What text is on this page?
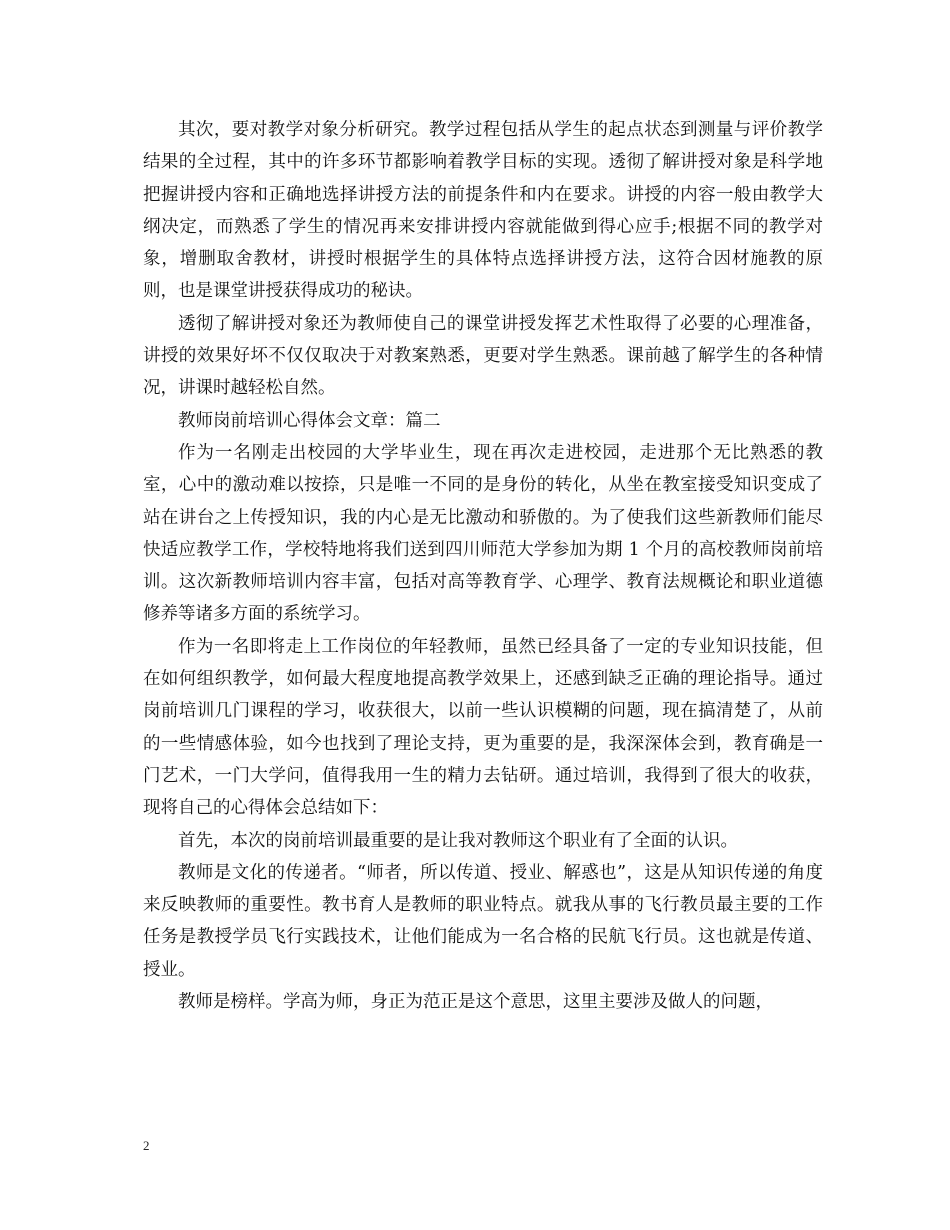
其次，要对教学对象分析研究。教学过程包括从学生的起点状态到测量与评价教学结果的全过程，其中的许多环节都影响着教学目标的实现。透彻了解讲授对象是科学地把握讲授内容和正确地选择讲授方法的前提条件和内在要求。讲授的内容一般由教学大纲决定，而熟悉了学生的情况再来安排讲授内容就能做到得心应手;根据不同的教学对象，增删取舍教材，讲授时根据学生的具体特点选择讲授方法，这符合因材施教的原则，也是课堂讲授获得成功的秘诀。

透彻了解讲授对象还为教师使自己的课堂讲授发挥艺术性取得了必要的心理准备，讲授的效果好坏不仅仅取决于对教案熟悉，更要对学生熟悉。课前越了解学生的各种情况，讲课时越轻松自然。

教师岗前培训心得体会文章：篇二

作为一名刚走出校园的大学毕业生，现在再次走进校园，走进那个无比熟悉的教室，心中的激动难以按捺，只是唯一不同的是身份的转化，从坐在教室接受知识变成了站在讲台之上传授知识，我的内心是无比激动和骄傲的。为了使我们这些新教师们能尽快适应教学工作，学校特地将我们送到四川师范大学参加为期 1 个月的高校教师岗前培训。这次新教师培训内容丰富，包括对高等教育学、心理学、教育法规概论和职业道德修养等诸多方面的系统学习。

作为一名即将走上工作岗位的年轻教师，虽然已经具备了一定的专业知识技能，但在如何组织教学，如何最大程度地提高教学效果上，还感到缺乏正确的理论指导。通过岗前培训几门课程的学习，收获很大，以前一些认识模糊的问题，现在搞清楚了，从前的一些情感体验，如今也找到了理论支持，更为重要的是，我深深体会到，教育确是一门艺术，一门大学问，值得我用一生的精力去钻研。通过培训，我得到了很大的收获，现将自己的心得体会总结如下：

首先，本次的岗前培训最重要的是让我对教师这个职业有了全面的认识。

教师是文化的传递者。“师者，所以传道、授业、解惑也”，这是从知识传递的角度来反映教师的重要性。教书育人是教师的职业特点。就我从事的飞行教员最主要的工作任务是教授学员飞行实践技术，让他们能成为一名合格的民航飞行员。这也就是传道、授业。

教师是榜样。学高为师，身正为范正是这个意思，这里主要涉及做人的问题，

2
